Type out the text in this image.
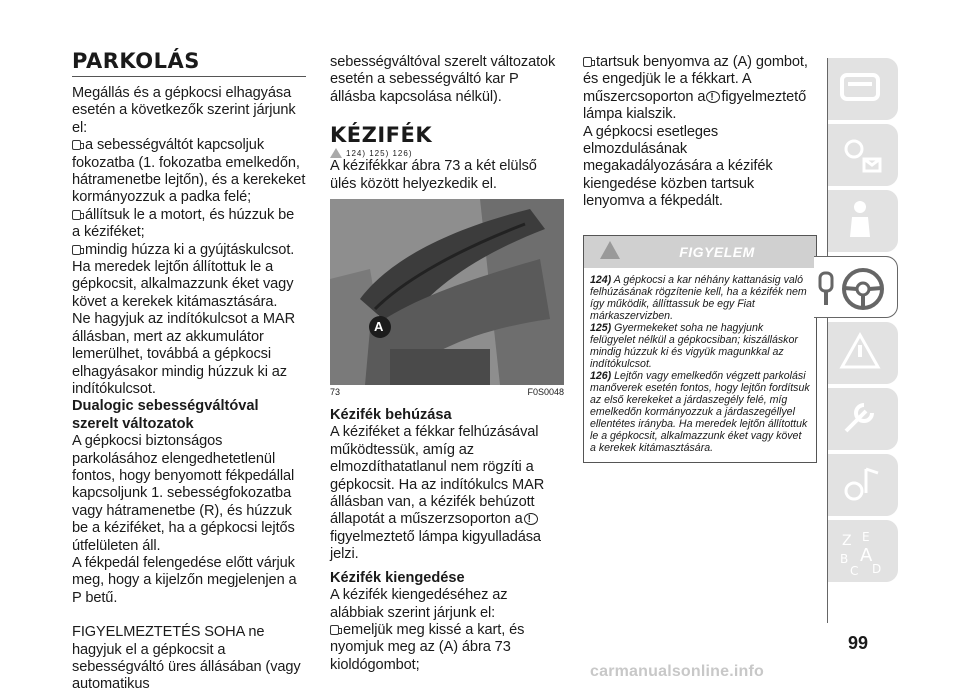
PARKOLÁS

Megállás és a gépkocsi elhagyása esetén a következők szerint járjunk el:

a sebességváltót kapcsoljuk fokozatba (1. fokozatba emelkedőn, hátramenetbe lejtőn), és a kerekeket kormányozzuk a padka felé;

állítsuk le a motort, és húzzuk be a kéziféket;

mindig húzza ki a gyújtáskulcsot.

Ha meredek lejtőn állítottuk le a gépkocsit, alkalmazzunk éket vagy követ a kerekek kitámasztására.

Ne hagyjuk az indítókulcsot a MAR állásban, mert az akkumulátor lemerülhet, továbbá a gépkocsi elhagyásakor mindig húzzuk ki az indítókulcsot.

Dualogic sebességváltóval szerelt változatok

A gépkocsi biztonságos parkolásához elengedhetetlenül fontos, hogy benyomott fékpedállal kapcsoljunk 1. sebességfokozatba vagy hátramenetbe (R), és húzzuk be a kéziféket, ha a gépkocsi lejtős útfelületen áll.

A fékpedál felengedése előtt várjuk meg, hogy a kijelzőn megjelenjen a P betű.

FIGYELMEZTETÉS SOHA ne hagyjuk el a gépkocsit a sebességváltó üres állásában (vagy automatikus

sebességváltóval szerelt változatok esetén a sebességváltó kar P állásba kapcsolása nélkül).

KÉZIFÉK
124) 125) 126)

A kézifékkar ábra 73 a két elülső ülés között helyezkedik el.

A
73	F0S0048

Kézifék behúzása

A kéziféket a fékkar felhúzásával működtessük, amíg az elmozdíthatatlanul nem rögzíti a gépkocsit. Ha az indítókulcs MAR állásban van, a kézifék behúzott állapotát a műszerzsoporton a! figyelmeztető lámpa kigyulladása jelzi.

Kézifék kiengedése

A kézifék kiengedéséhez az alábbiak szerint járjunk el:

emeljük meg kissé a kart, és nyomjuk meg az (A) ábra 73 kioldógombot;

tartsuk benyomva az (A) gombot, és engedjük le a fékkart. A műszercsoporton a! figyelmeztető lámpa kialszik.

A gépkocsi esetleges elmozdulásának megakadályozására a kézifék kiengedése közben tartsuk lenyomva a fékpedált.

FIGYELEM

124) A gépkocsi a kar néhány kattanásig való felhúzásának rögzítenie kell, ha a kézifék nem így működik, állíttassuk be egy Fiat márkaszervizben.

125) Gyermekeket soha ne hagyjunk felügyelet nélkül a gépkocsiban; kiszálláskor mindig húzzuk ki és vigyük magunkkal az indítókulcsot.

126) Lejtőn vagy emelkedőn végzett parkolási manőverek esetén fontos, hogy lejtőn fordítsuk az első kerekeket a járdaszegély felé, míg emelkedőn kormányozzuk a járdaszegéllyel ellentétes irányba. Ha meredek lejtőn állítottuk le a gépkocsit, alkalmazzunk éket vagy követ a kerekek kitámasztására.

Z E
B A
C D
99
carmanualsonline.info
